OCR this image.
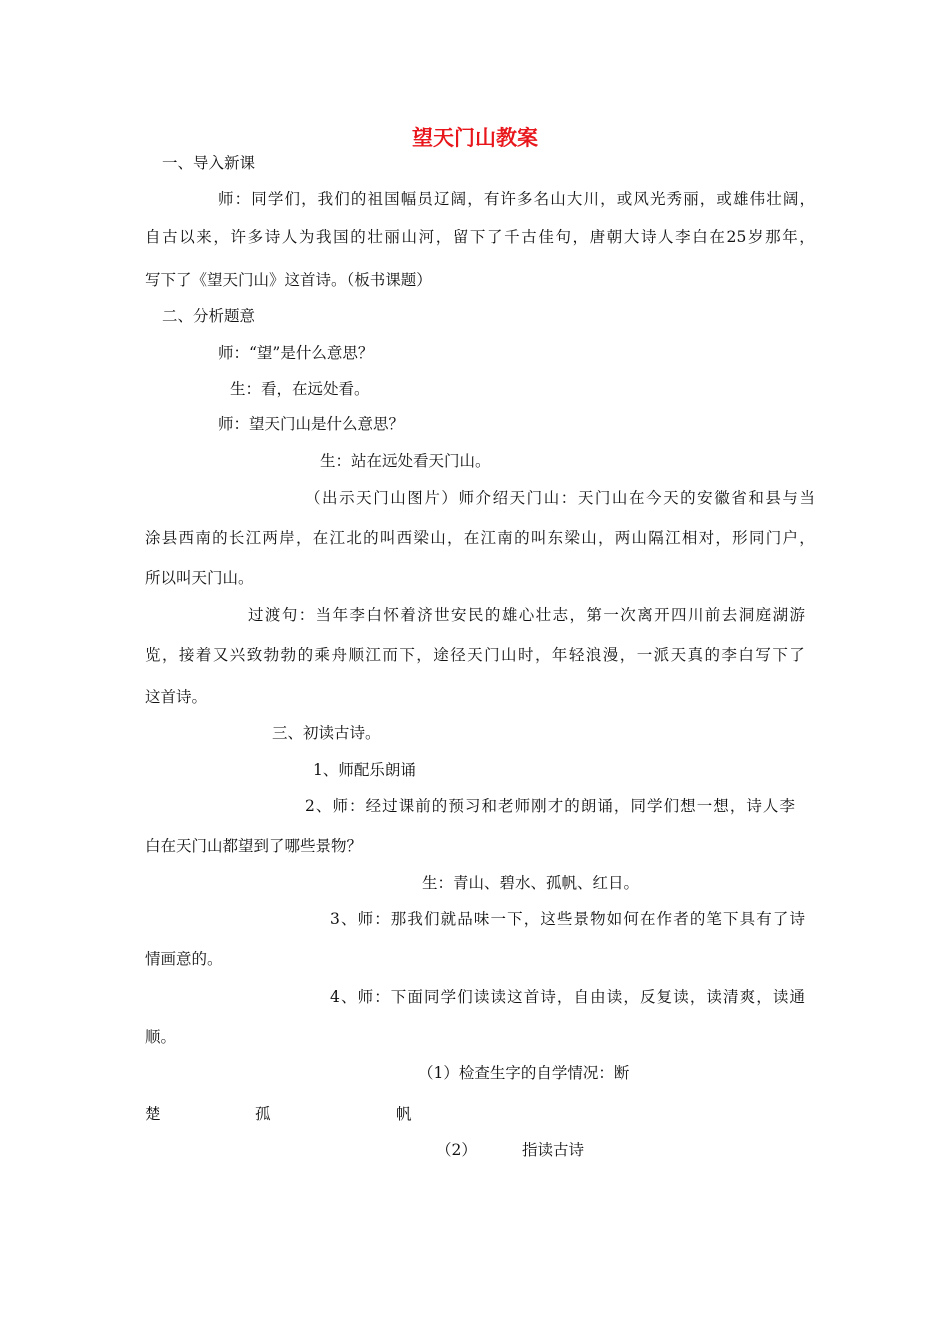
望天门山教案
一、导入新课
师：同学们，我们的祖国幅员辽阔，有许多名山大川，或风光秀丽，或雄伟壮阔，
自古以来，许多诗人为我国的壮丽山河，留下了千古佳句，唐朝大诗人李白在25岁那年，
写下了《望天门山》这首诗。（板书课题）
二、分析题意
师：“望”是什么意思？
生：看，在远处看。
师：望天门山是什么意思？
生：站在远处看天门山。
（出示天门山图片）师介绍天门山：天门山在今天的安徽省和县与当
涂县西南的长江两岸，在江北的叫西梁山，在江南的叫东梁山，两山隔江相对，形同门户，
所以叫天门山。
过渡句：当年李白怀着济世安民的雄心壮志，第一次离开四川前去洞庭湖游
览，接着又兴致勃勃的乘舟顺江而下，途径天门山时，年轻浪漫，一派天真的李白写下了
这首诗。
三、初读古诗。
1、师配乐朗诵
2、师：经过课前的预习和老师刚才的朗诵，同学们想一想，诗人李
白在天门山都望到了哪些景物？
生：青山、碧水、孤帆、红日。
3、师：那我们就品味一下，这些景物如何在作者的笔下具有了诗
情画意的。
4、师：下面同学们读读这首诗，自由读，反复读，读清爽，读通
顺。
（1）检查生字的自学情况：断
楚	孤	帆
（2）	指读古诗
